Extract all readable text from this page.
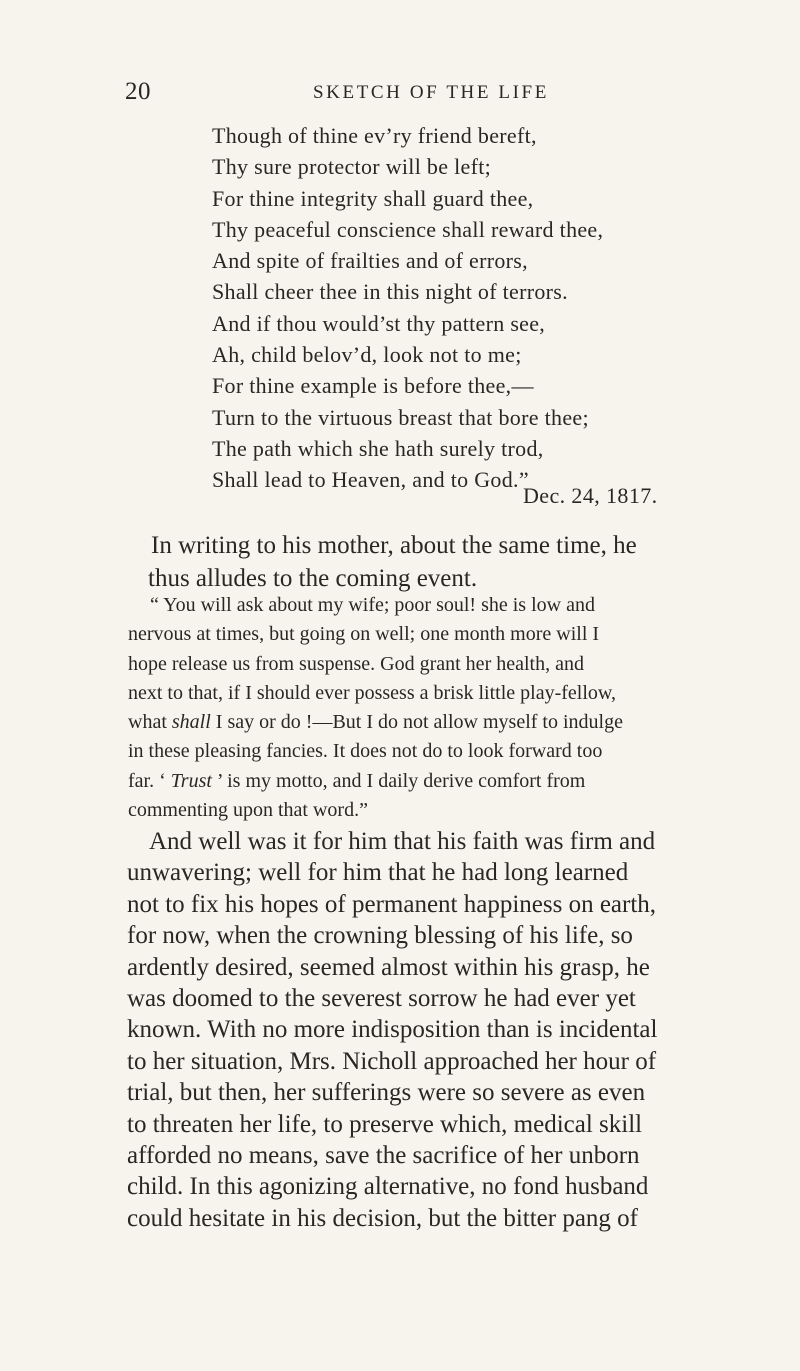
20	SKETCH OF THE LIFE
Though of thine ev’ry friend bereft,
Thy sure protector will be left;
For thine integrity shall guard thee,
Thy peaceful conscience shall reward thee,
And spite of frailties and of errors,
Shall cheer thee in this night of terrors.
And if thou would’st thy pattern see,
Ah, child belov’d, look not to me;
For thine example is before thee,—
Turn to the virtuous breast that bore thee;
The path which she hath surely trod,
Shall lead to Heaven, and to God.”
Dec. 24, 1817.
In writing to his mother, about the same time, he
thus alludes to the coming event.
“ You will ask about my wife; poor soul! she is low and
nervous at times, but going on well; one month more will I
hope release us from suspense. God grant her health, and
next to that, if I should ever possess a brisk little play-fellow,
what shall I say or do !—But I do not allow myself to indulge
in these pleasing fancies. It does not do to look forward too
far. ‘ Trust ’ is my motto, and I daily derive comfort from
commenting upon that word.”
And well was it for him that his faith was firm and
unwavering; well for him that he had long learned
not to fix his hopes of permanent happiness on earth,
for now, when the crowning blessing of his life, so
ardently desired, seemed almost within his grasp, he
was doomed to the severest sorrow he had ever yet
known. With no more indisposition than is incidental
to her situation, Mrs. Nicholl approached her hour of
trial, but then, her sufferings were so severe as even
to threaten her life, to preserve which, medical skill
afforded no means, save the sacrifice of her unborn
child. In this agonizing alternative, no fond husband
could hesitate in his decision, but the bitter pang of
